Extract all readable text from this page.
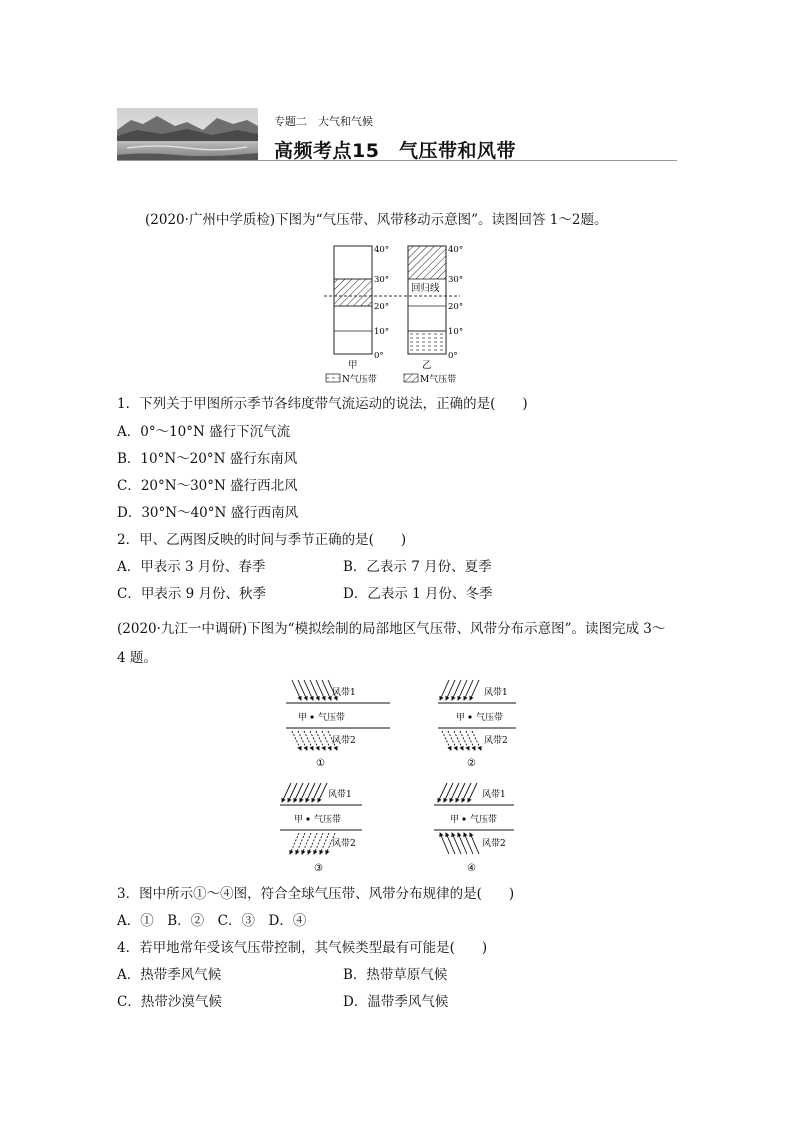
专题二　大气和气候
高频考点15　气压带和风带
(2020·广州中学质检)下图为“气压带、风带移动示意图”。读图回答 1～2题。
40°
30°
20°
10°
0°
回归线
40°
30°
20°
10°
0°
甲	乙
N气压带	M气压带
1．下列关于甲图所示季节各纬度带气流运动的说法，正确的是(　　)
A．0°～10°N 盛行下沉气流
B．10°N～20°N 盛行东南风
C．20°N～30°N 盛行西北风
D．30°N～40°N 盛行西南风
2．甲、乙两图反映的时间与季节正确的是(　　)
A．甲表示 3 月份、春季	B．乙表示 7 月份、夏季
C．甲表示 9 月份、秋季	D．乙表示 1 月份、冬季
(2020·九江一中调研)下图为“模拟绘制的局部地区气压带、风带分布示意图”。读图完成 3～
4 题。
风带1
甲 气压带
风带2
①
风带1
甲 气压带
风带2
②
风带1
甲 气压带
风带2
③
风带1
甲 气压带
风带2
④
3．图中所示①～④图，符合全球气压带、风带分布规律的是(　　)
A．①　B．②　C．③　D．④
4．若甲地常年受该气压带控制，其气候类型最有可能是(　　)
A．热带季风气候	B．热带草原气候
C．热带沙漠气候	D．温带季风气候
